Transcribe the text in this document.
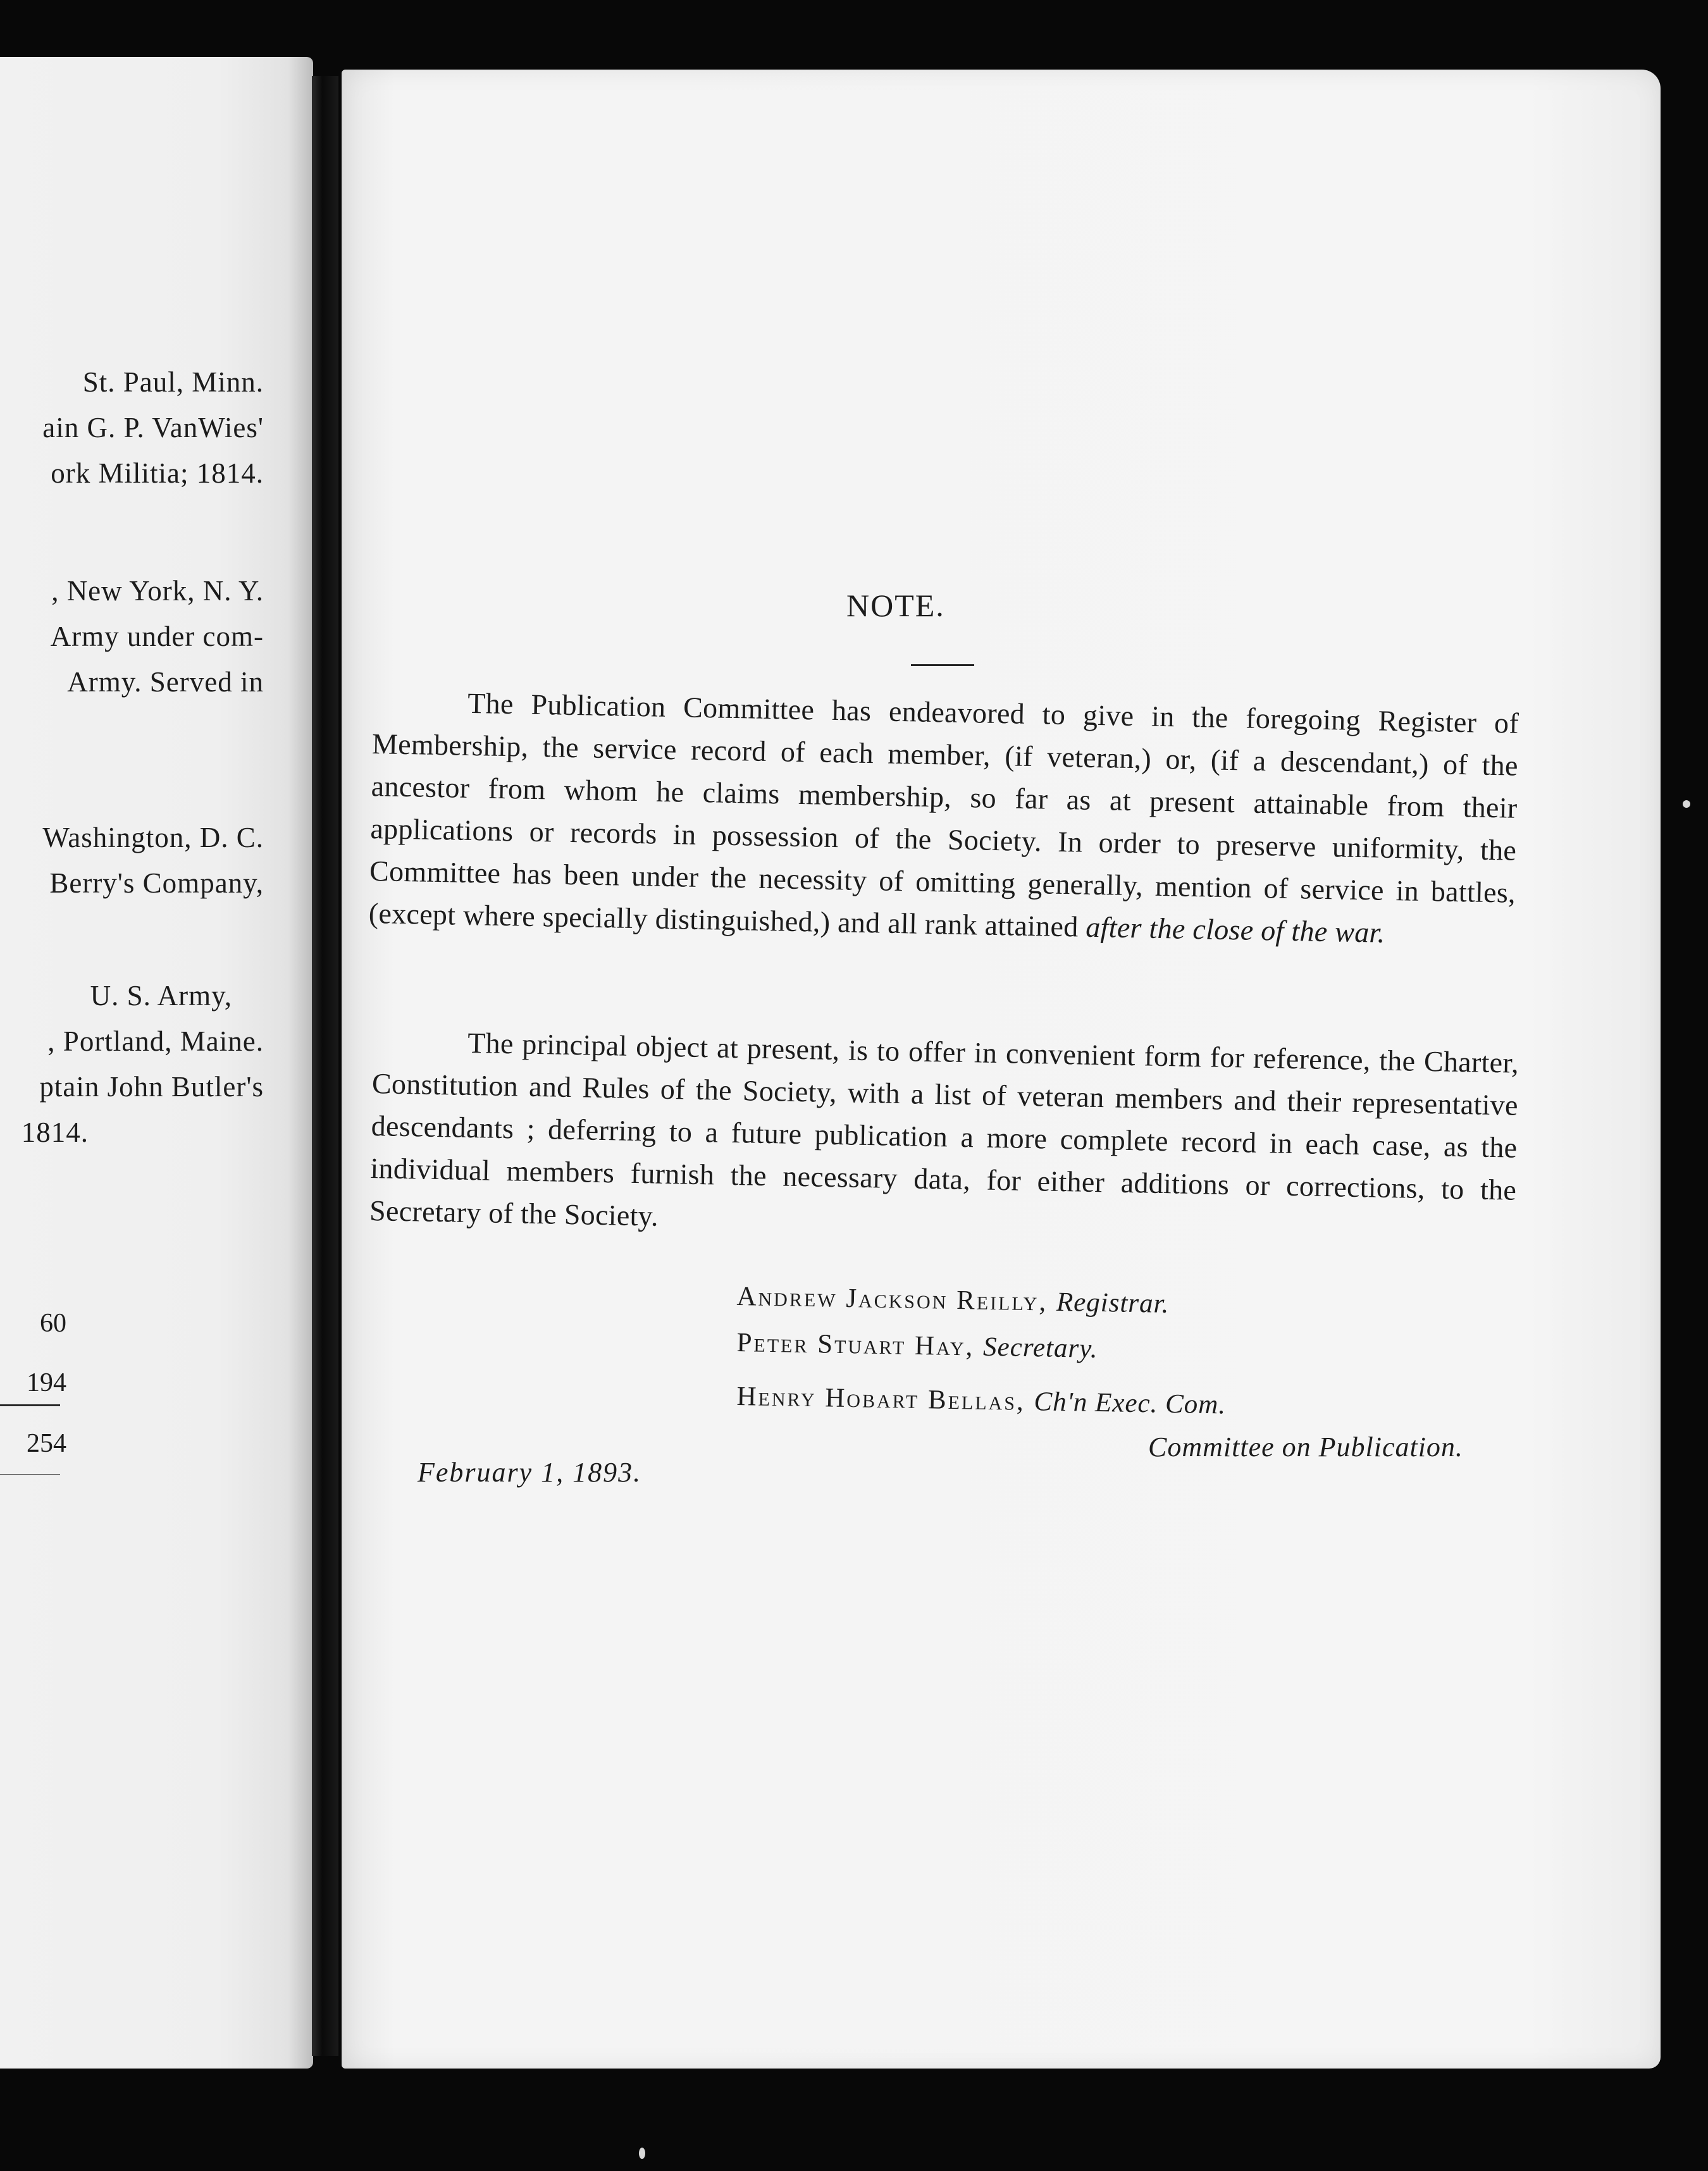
St. Paul, Minn.
ain G. P. VanWies'
ork Militia; 1814.
, New York, N. Y.
Army under com-
Army. Served in
Washington, D. C.
Berry's Company,
U. S. Army,
, Portland, Maine.
ptain John Butler's
1814.
60
194
254
NOTE.

The Publication Committee has endeavored to give in the foregoing Register of Membership, the service record of each member, (if veteran,) or, (if a descendant,) of the ancestor from whom he claims membership, so far as at present attainable from their applications or records in possession of the Society. In order to preserve uniformity, the Committee has been under the necessity of omitting generally, mention of service in battles, (except where specially distinguished,) and all rank attained after the close of the war.

The principal object at present, is to offer in convenient form for reference, the Charter, Constitution and Rules of the Society, with a list of veteran members and their representative descendants ; deferring to a future publication a more complete record in each case, as the individual members furnish the necessary data, for either additions or corrections, to the Secretary of the Society.

Andrew Jackson Reilly, Registrar.
Peter Stuart Hay, Secretary.
Henry Hobart Bellas, Ch'n Exec. Com.
Committee on Publication.
February 1, 1893.
